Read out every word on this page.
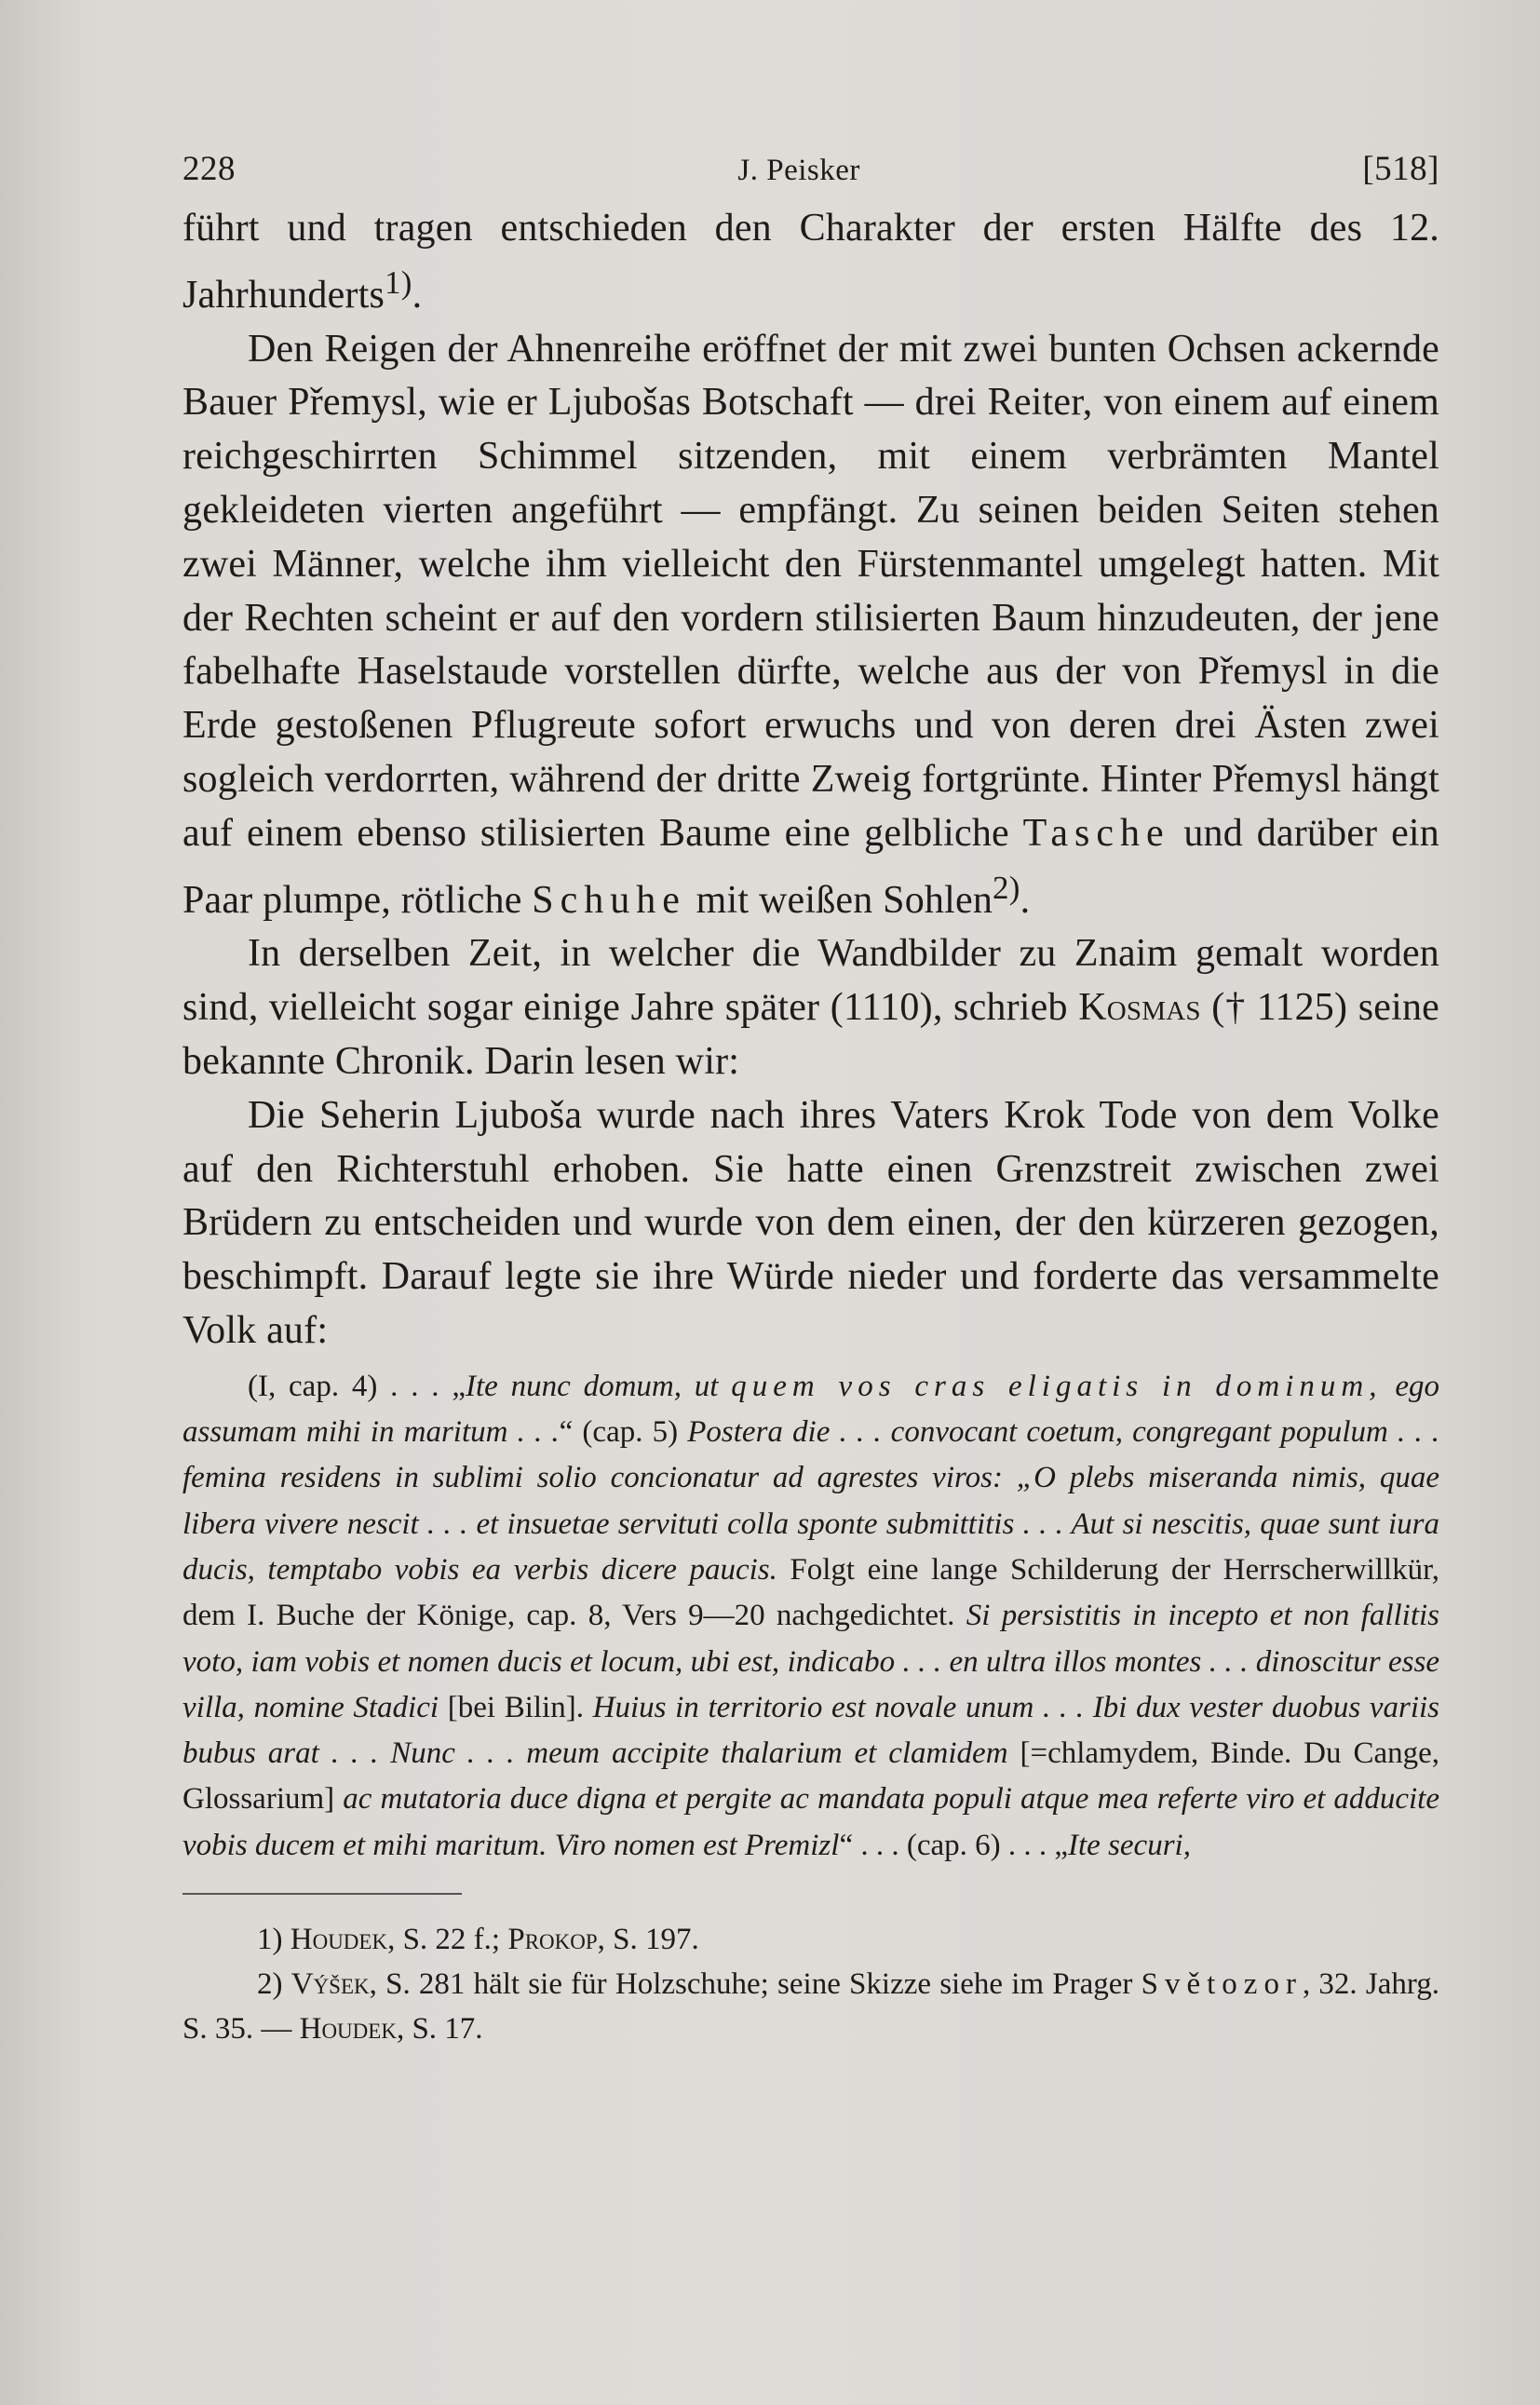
228	J. Peisker	[518]

führt und tragen entschieden den Charakter der ersten Hälfte des 12. Jahrhunderts$^{1)}$.

Den Reigen der Ahnenreihe eröffnet der mit zwei bunten Ochsen ackernde Bauer Přemysl, wie er Ljubošas Botschaft — drei Reiter, von einem auf einem reichgeschirrten Schimmel sitzenden, mit einem verbrämten Mantel gekleideten vierten angeführt — empfängt. Zu seinen beiden Seiten stehen zwei Männer, welche ihm vielleicht den Fürstenmantel umgelegt hatten. Mit der Rechten scheint er auf den vordern stilisierten Baum hinzudeuten, der jene fabelhafte Haselstaude vorstellen dürfte, welche aus der von Přemysl in die Erde gestoßenen Pflugreute sofort erwuchs und von deren drei Ästen zwei sogleich verdorrten, während der dritte Zweig fortgrünte. Hinter Přemysl hängt auf einem ebenso stilisierten Baume eine gelbliche Tasche und darüber ein Paar plumpe, rötliche Schuhe mit weißen Sohlen$^{2)}$.

In derselben Zeit, in welcher die Wandbilder zu Znaim gemalt worden sind, vielleicht sogar einige Jahre später (1110), schrieb Kosmas († 1125) seine bekannte Chronik. Darin lesen wir:

Die Seherin Ljuboša wurde nach ihres Vaters Krok Tode von dem Volke auf den Richterstuhl erhoben. Sie hatte einen Grenzstreit zwischen zwei Brüdern zu entscheiden und wurde von dem einen, der den kürzeren gezogen, beschimpft. Darauf legte sie ihre Würde nieder und forderte das versammelte Volk auf:

(I, cap. 4) . . . „Ite nunc domum, ut quem vos cras eligatis in dominum, ego assumam mihi in maritum . . .“ (cap. 5) Postera die . . . convocant coetum, congregant populum . . . femina residens in sublimi solio concionatur ad agrestes viros: „O plebs miseranda nimis, quae libera vivere nescit . . . et insuetae servituti colla sponte submittitis . . . Aut si nescitis, quae sunt iura ducis, temptabo vobis ea verbis dicere paucis. Folgt eine lange Schilderung der Herrscherwillkür, dem I. Buche der Könige, cap. 8, Vers 9—20 nachgedichtet. Si persistitis in incepto et non fallitis voto, iam vobis et nomen ducis et locum, ubi est, indicabo . . . en ultra illos montes . . . dinoscitur esse villa, nomine Stadici [bei Bilin]. Huius in territorio est novale unum . . . Ibi dux vester duobus variis bubus arat . . . Nunc . . . meum accipite thalarium et clamidem [=chlamydem, Binde. Du Cange, Glossarium] ac mutatoria duce digna et pergite ac mandata populi atque mea referte viro et adducite vobis ducem et mihi maritum. Viro nomen est Premizl“ . . . (cap. 6) . . . „Ite securi,

1) Houdek, S. 22 f.; Prokop, S. 197.

2) Výšek, S. 281 hält sie für Holzschuhe; seine Skizze siehe im Prager Světozor, 32. Jahrg. S. 35. — Houdek, S. 17.
